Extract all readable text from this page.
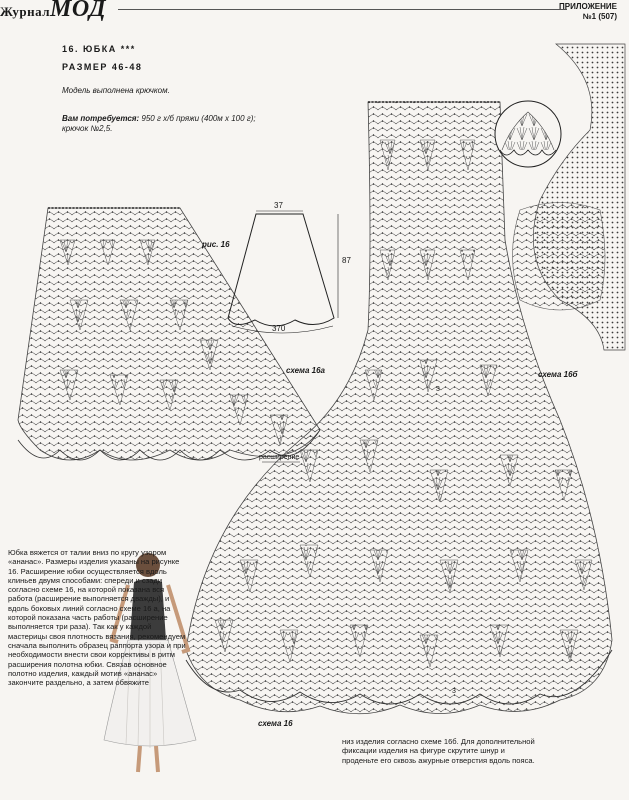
ЖурналМОД	ПРИЛОЖЕНИЕ
№1 (507)
16. ЮБКА ***
РАЗМЕР 46-48
Модель выполнена крючком.
Вам потребуется: 950 г х/б пряжи (400м х 100 г);
крючок №2,5.
рис. 16
схема 16а	схема 16б
схема 16
расширение
37
87
370
3
3
Юбка вяжется от талии вниз по кругу узором «ананас». Размеры изделия указаны на рисунке 16. Расширение юбки осуществляется вдоль клиньев двумя способами: спереди и сзади согласно схеме 16, на которой показана вся работа (расширение выполняется дважды), и вдоль боковых линий согласно схеме 16 а, на которой показана часть работы (расширение выполняется три раза). Так как у каждой мастерицы своя плотность вязания, рекомендуем сначала выполнить образец раппорта узора и при необходимости внести свои коррективы в ритм расширения полотна юбки. Связав основное полотно изделия, каждый мотив «ананас» закончите раздельно, а затем обвяжите
низ изделия согласно схеме 16б. Для дополнительной фиксации изделия на фигуре скрутите шнур и проденьте его сквозь ажурные отверстия вдоль пояса.
